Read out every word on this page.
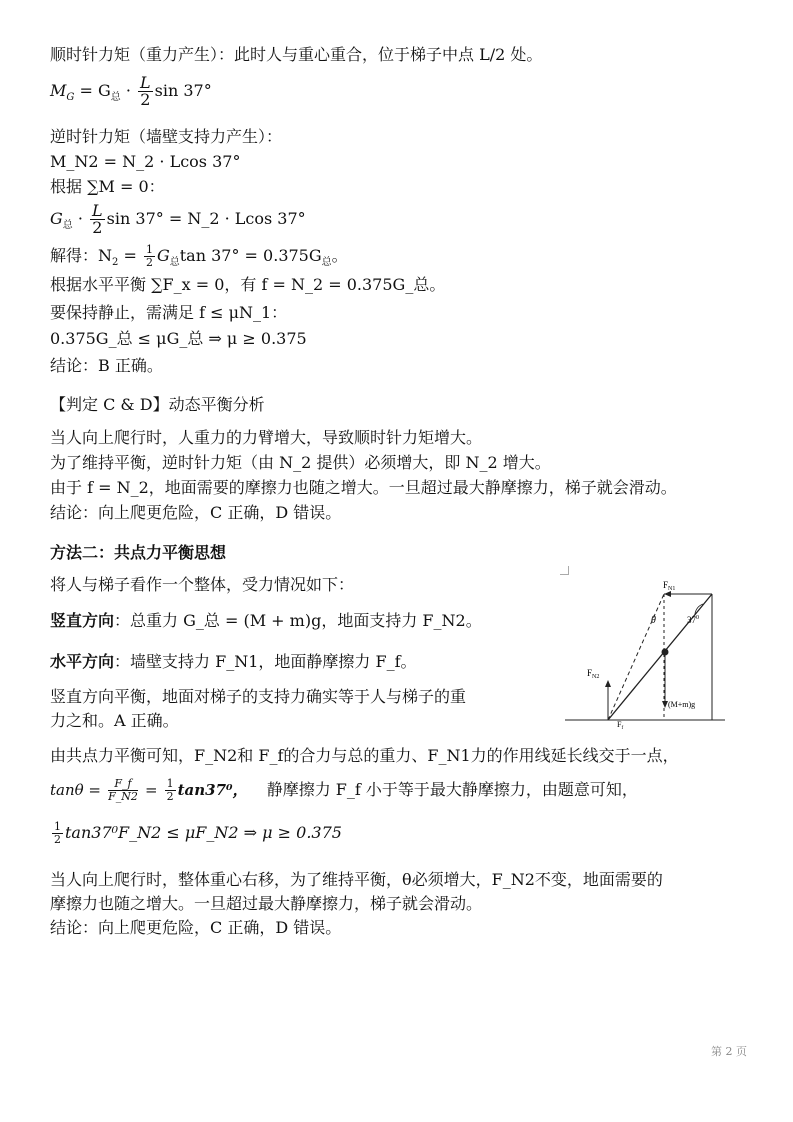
顺时针力矩（重力产生）：此时人与重心重合，位于梯子中点 L/2 处。
$M_G = G_总 \cdot \frac{L}{2}$ sin 37°
逆时针力矩（墙壁支持力产生）：
M_N2 = N_2 · Lcos 37°
根据 ∑M = 0：
$G_总 \cdot \frac{L}{2}$ sin 37° = N_2 · Lcos 37°
解得：$N_2 = \frac{1}{2} G_总\tan$ $37^\circ = 0.375G_总$。
根据水平平衡 ∑F_x = 0，有 f = N_2 = 0.375G_总。
要保持静止，需满足 f ≤ μN_1：
0.375G_总 ≤ μG_总 ⇒ μ ≥ 0.375
结论：B 正确。
【判定 C & D】动态平衡分析
当人向上爬行时，人重力的力臂增大，导致顺时针力矩增大。
为了维持平衡，逆时针力矩（由 N_2 提供）必须增大，即 N_2 增大。
由于 f = N_2，地面需要的摩擦力也随之增大。一旦超过最大静摩擦力，梯子就会滑动。
结论：向上爬更危险，C 正确，D 错误。
方法二：共点力平衡思想
将人与梯子看作一个整体，受力情况如下：
竖直方向：总重力 G_总 = (M + m)g，地面支持力 F_N2。
水平方向：墙壁支持力 F_N1，地面静摩擦力 F_f。
竖直方向平衡，地面对梯子的支持力确实等于人与梯子的重
力之和。A 正确。
$F_{N1}$
$F_{N2}$
$F_f$
θ	$37^0$
(M+m)g
由共点力平衡可知，F_N2和 F_f的合力与总的重力、F_N1力的作用线延长线交于一点，
$\tan\theta = \frac{F\_f}{F\_N2} = \frac{1}{2} \tan 37^0$， 静摩擦力 F_f 小于等于最大静摩擦力，由题意可知，
$\frac{1}{2}$ tan37⁰F_N2 ≤ μF_N2 ⇒ μ ≥ 0.375
当人向上爬行时，整体重心右移，为了维持平衡，θ必须增大，F_N2不变，地面需要的
摩擦力也随之增大。一旦超过最大静摩擦力，梯子就会滑动。
结论：向上爬更危险，C 正确，D 错误。
第 2 页
